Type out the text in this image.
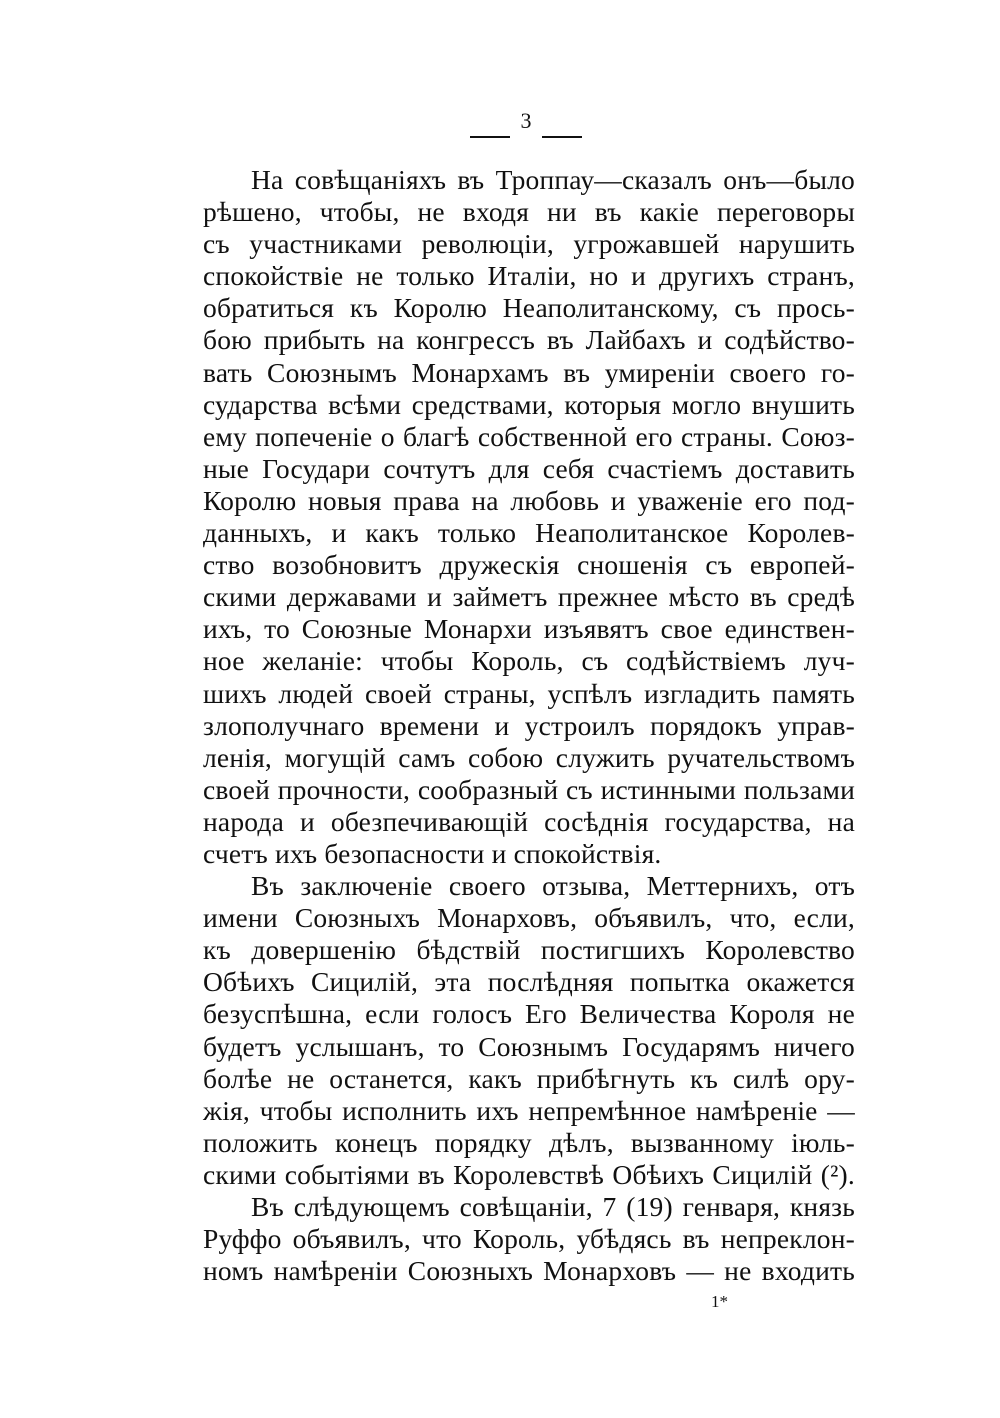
3
На совѣщаніяхъ въ Троппау—сказалъ онъ—было
рѣшено, чтобы, не входя ни въ какіе переговоры
съ участниками революціи, угрожавшей нарушить
спокойствіе не только Италіи, но и другихъ странъ,
обратиться къ Королю Неаполитанскому, съ прось-
бою прибыть на конгрессъ въ Лайбахъ и содѣйство-
вать Союзнымъ Монархамъ въ умиреніи своего го-
сударства всѣми средствами, которыя могло внушить
ему попеченіе о благѣ собственной его страны. Союз-
ные Государи сочтутъ для себя счастіемъ доставить
Королю новыя права на любовь и уваженіе его под-
данныхъ, и какъ только Неаполитанское Королев-
ство возобновитъ дружескія сношенія съ европей-
скими державами и займетъ прежнее мѣсто въ средѣ
ихъ, то Союзные Монархи изъявятъ свое единствен-
ное желаніе: чтобы Король, съ содѣйствіемъ луч-
шихъ людей своей страны, успѣлъ изгладить память
злополучнаго времени и устроилъ порядокъ управ-
ленія, могущій самъ собою служить ручательствомъ
своей прочности, сообразный съ истинными пользами
народа и обезпечивающій сосѣднія государства, на
счетъ ихъ безопасности и спокойствія.
Въ заключеніе своего отзыва, Меттернихъ, отъ
имени Союзныхъ Монарховъ, объявилъ, что, если,
къ довершенію бѣдствій постигшихъ Королевство
Обѣихъ Сицилій, эта послѣдняя попытка окажется
безуспѣшна, если голосъ Его Величества Короля не
будетъ услышанъ, то Союзнымъ Государямъ ничего
болѣе не останется, какъ прибѣгнуть къ силѣ ору-
жія, чтобы исполнить ихъ непремѣнное намѣреніе —
положить конецъ порядку дѣлъ, вызванному іюль-
скими событіями въ Королевствѣ Обѣихъ Сицилій (²).
Въ слѣдующемъ совѣщаніи, 7 (19) генваря, князь
Руффо объявилъ, что Король, убѣдясь въ непреклон-
номъ намѣреніи Союзныхъ Монарховъ — не входить
1*
